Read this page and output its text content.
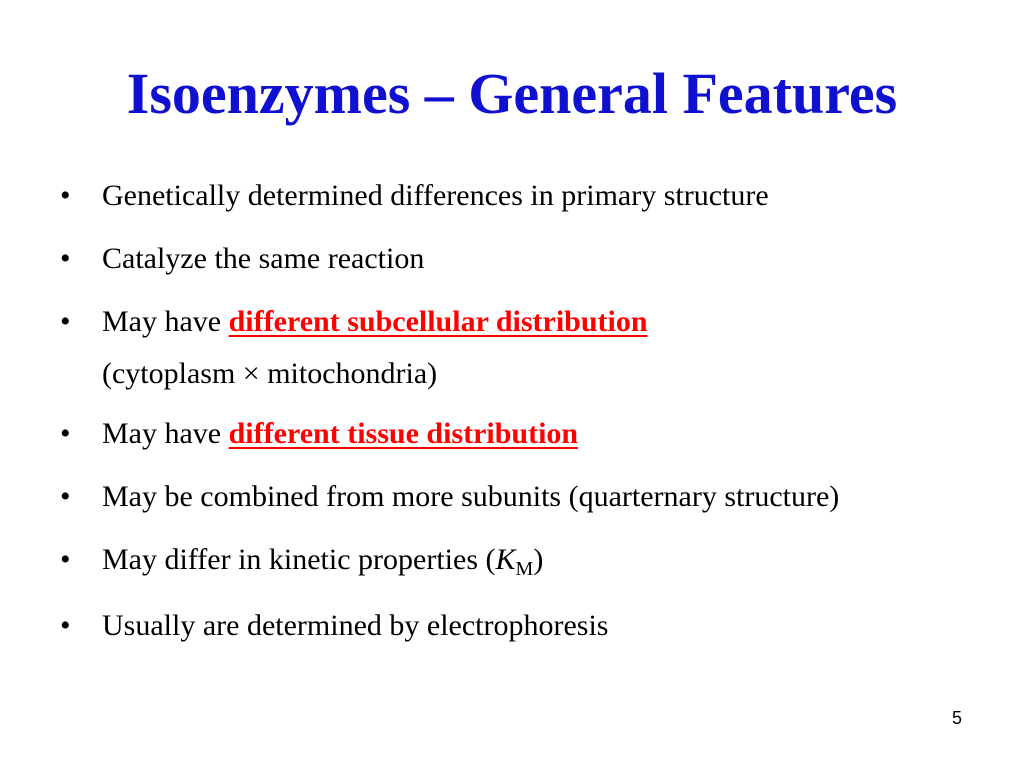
Isoenzymes – General Features
• Genetically determined differences in primary structure
• Catalyze the same reaction
• May have different subcellular distribution
(cytoplasm × mitochondria)
• May have different tissue distribution
• May be combined from more subunits (quarternary structure)
• May differ in kinetic properties $(K_M)$
• Usually are determined by electrophoresis
5
